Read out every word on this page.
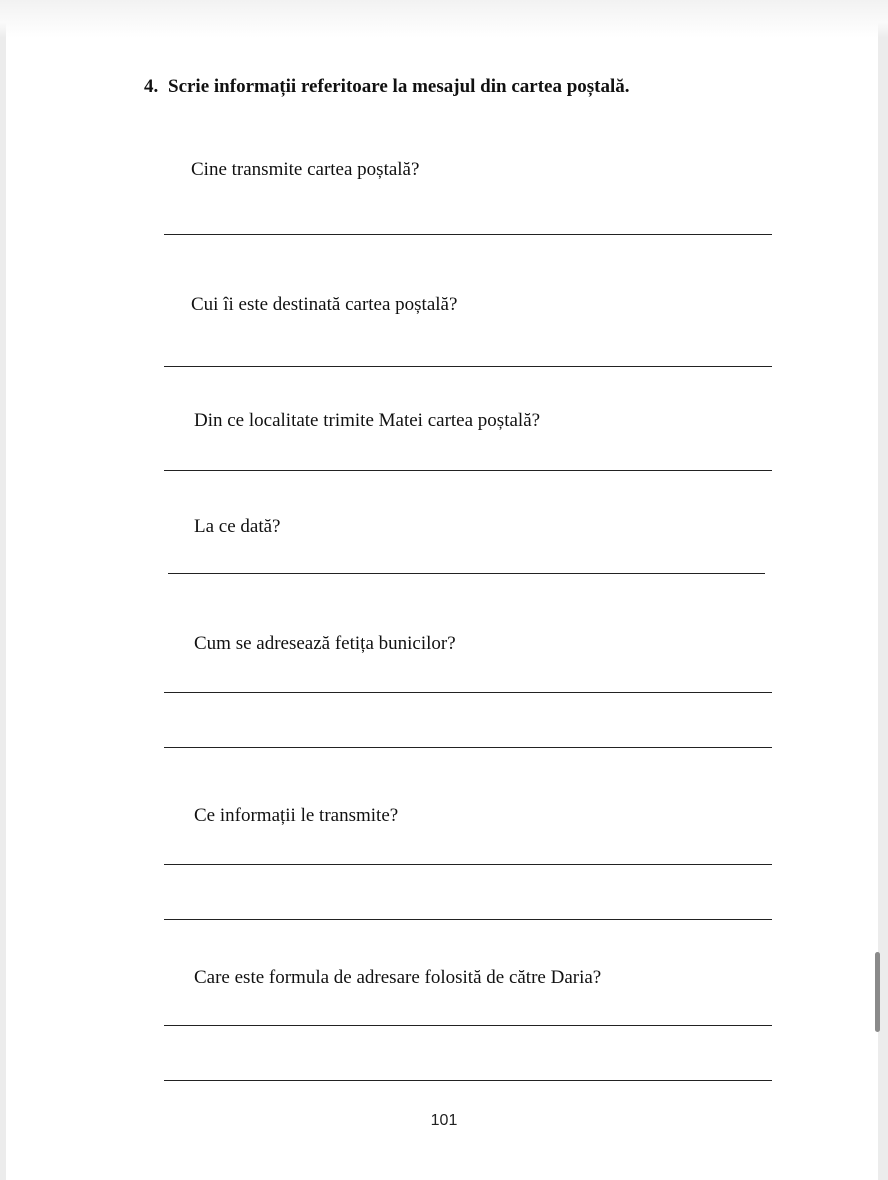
4. Scrie informații referitoare la mesajul din cartea poștală.
Cine transmite cartea poștală?
Cui îi este destinată cartea poștală?
Din ce localitate trimite Matei cartea poștală?
La ce dată?
Cum se adresează fetița bunicilor?
Ce informații le transmite?
Care este formula de adresare folosită de către Daria?
101
